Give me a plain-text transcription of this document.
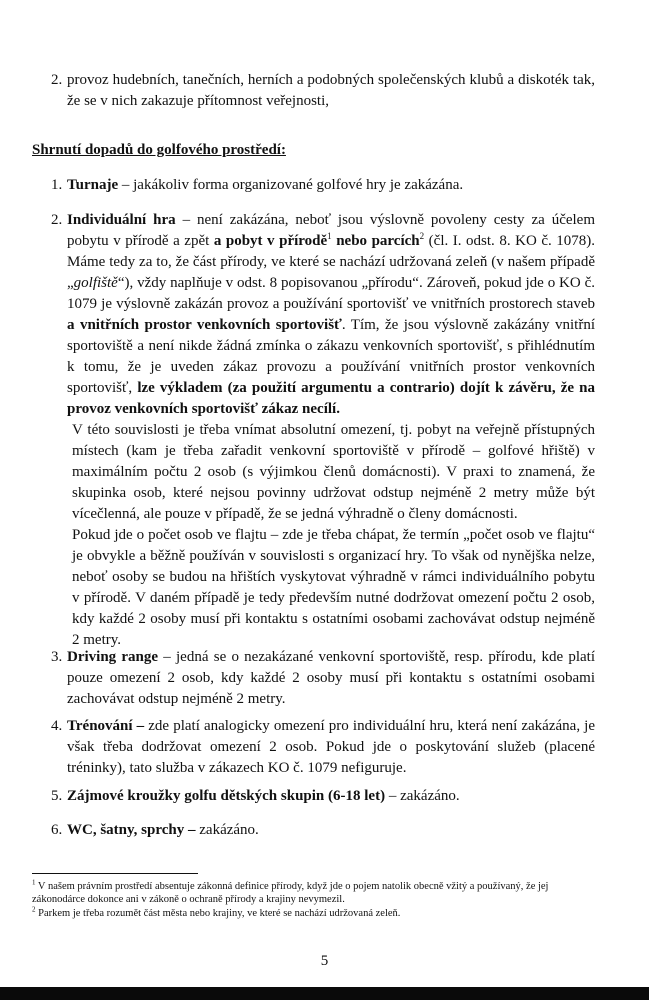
2. provoz hudebních, tanečních, herních a podobných společenských klubů a diskoték tak, že se v nich zakazuje přítomnost veřejnosti,
Shrnutí dopadů do golfového prostředí:
1. Turnaje – jakákoliv forma organizované golfové hry je zakázána.
2. Individuální hra – není zakázána, neboť jsou výslovně povoleny cesty za účelem pobytu v přírodě a zpět a pobyt v přírodě$^1$ nebo parcích$^2$ (čl. I. odst. 8. KO č. 1078). Máme tedy za to, že část přírody, ve které se nachází udržovaná zeleň (v našem případě „golfiště“), vždy naplňuje v odst. 8 popisovanou „přírodu“. Zároveň, pokud jde o KO č. 1079 je výslovně zakázán provoz a používání sportovišť ve vnitřních prostorech staveb a vnitřních prostor venkovních sportovišť. Tím, že jsou výslovně zakázány vnitřní sportoviště a není nikde žádná zmínka o zákazu venkovních sportovišť, s přihlédnutím k tomu, že je uveden zákaz provozu a používání vnitřních prostor venkovních sportovišť, lze výkladem (za použití argumentu a contrario) dojít k závěru, že na provoz venkovních sportovišť zákaz necílí.
V této souvislosti je třeba vnímat absolutní omezení, tj. pobyt na veřejně přístupných místech (kam je třeba zařadit venkovní sportoviště v přírodě – golfové hřiště) v maximálním počtu 2 osob (s výjimkou členů domácnosti). V praxi to znamená, že skupinka osob, které nejsou povinny udržovat odstup nejméně 2 metry může být vícečlenná, ale pouze v případě, že se jedná výhradně o členy domácnosti.
Pokud jde o počet osob ve flajtu – zde je třeba chápat, že termín „počet osob ve flajtu“ je obvykle a běžně používán v souvislosti s organizací hry. To však od nynějška nelze, neboť osoby se budou na hřištích vyskytovat výhradně v rámci individuálního pobytu v přírodě. V daném případě je tedy především nutné dodržovat omezení počtu 2 osob, kdy každé 2 osoby musí při kontaktu s ostatními osobami zachovávat odstup nejméně 2 metry.
3. Driving range – jedná se o nezakázané venkovní sportoviště, resp. přírodu, kde platí pouze omezení 2 osob, kdy každé 2 osoby musí při kontaktu s ostatními osobami zachovávat odstup nejméně 2 metry.
4. Trénování – zde platí analogicky omezení pro individuální hru, která není zakázána, je však třeba dodržovat omezení 2 osob. Pokud jde o poskytování služeb (placené tréninky), tato služba v zákazech KO č. 1079 nefiguruje.
5. Zájmové kroužky golfu dětských skupin (6-18 let) – zakázáno.
6. WC, šatny, sprchy – zakázáno.
$^1$ V našem právním prostředí absentuje zákonná definice přírody, když jde o pojem natolik obecně vžitý a používaný, že jej zákonodárce dokonce ani v zákoně o ochraně přírody a krajiny nevymezil.
$^2$ Parkem je třeba rozumět část města nebo krajiny, ve které se nachází udržovaná zeleň.
5
